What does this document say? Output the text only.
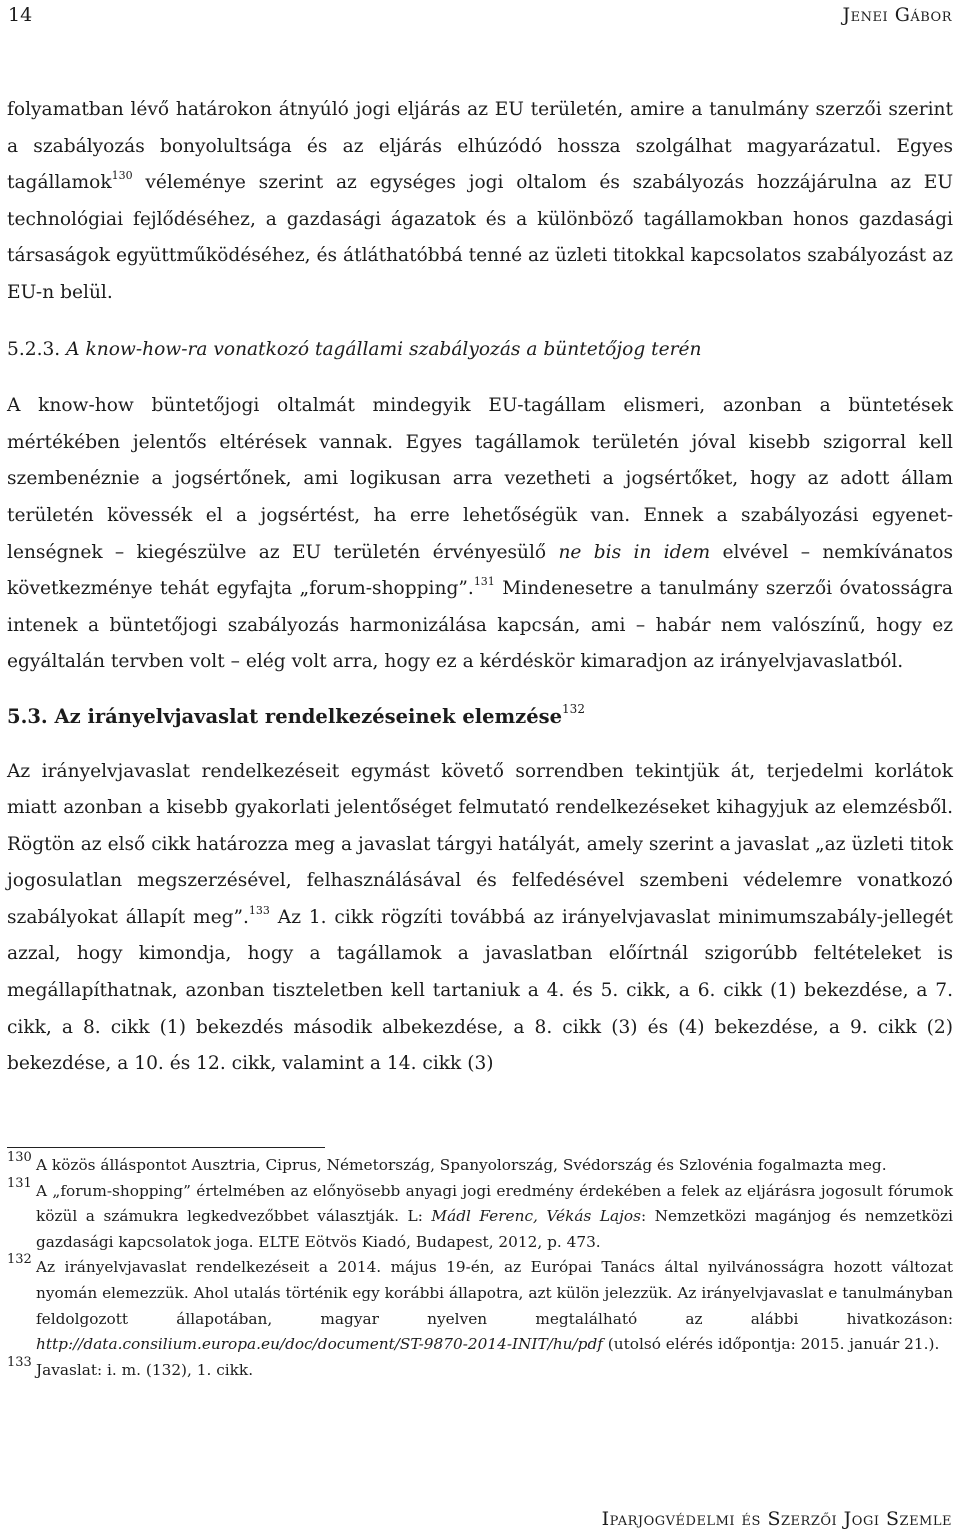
14	Jenei Gábor

folyamatban lévő határokon átnyúló jogi eljárás az EU területén, amire a tanulmány szerzői szerint a szabályozás bonyolultsága és az eljárás elhúzódó hossza szolgálhat magyarázatul. Egyes tagállamok$^{130}$ véleménye szerint az egységes jogi oltalom és szabályozás hozzájárulna az EU technológiai fejlődéséhez, a gazdasági ágazatok és a különböző tagállamokban honos gazdasági társaságok együttműködéséhez, és átláthatóbbá tenné az üzleti titokkal kapcsolatos szabályozást az EU-n belül.

5.2.3. A know-how-ra vonatkozó tagállami szabályozás a büntetőjog terén

A know-how büntetőjogi oltalmát mindegyik EU-tagállam elismeri, azonban a büntetések mértékében jelentős eltérések vannak. Egyes tagállamok területén jóval kisebb szigorral kell szembenéznie a jogsértőnek, ami logikusan arra vezetheti a jogsértőket, hogy az adott állam területén kövessék el a jogsértést, ha erre lehetőségük van. Ennek a szabályozási egyenetlenségnek – kiegészülve az EU területén érvényesülő ne bis in idem elvével – nemkívánatos következménye tehát egyfajta „forum-shopping”.$^{131}$ Mindenesetre a tanulmány szerzői óvatosságra intenek a büntetőjogi szabályozás harmonizálása kapcsán, ami – habár nem valószínű, hogy ez egyáltalán tervben volt – elég volt arra, hogy ez a kérdéskör kimaradjon az irányelvjavaslatból.

5.3. Az irányelvjavaslat rendelkezéseinek elemzése$^{132}$

Az irányelvjavaslat rendelkezéseit egymást követő sorrendben tekintjük át, terjedelmi korlátok miatt azonban a kisebb gyakorlati jelentőséget felmutató rendelkezéseket kihagyjuk az elemzésből. Rögtön az első cikk határozza meg a javaslat tárgyi hatályát, amely szerint a javaslat „az üzleti titok jogosulatlan megszerzésével, felhasználásával és felfedésével szembeni védelemre vonatkozó szabályokat állapít meg”.$^{133}$ Az 1. cikk rögzíti továbbá az irányelvjavaslat minimumszabály-jellegét azzal, hogy kimondja, hogy a tagállamok a javaslatban előírtnál szigorúbb feltételeket is megállapíthatnak, azonban tiszteletben kell tartaniuk a 4. és 5. cikk, a 6. cikk (1) bekezdése, a 7. cikk, a 8. cikk (1) bekezdés második albekezdése, a 8. cikk (3) és (4) bekezdése, a 9. cikk (2) bekezdése, a 10. és 12. cikk, valamint a 14. cikk (3)

130 A közös álláspontot Ausztria, Ciprus, Németország, Spanyolország, Svédország és Szlovénia fogalmazta meg.

131 A „forum-shopping” értelmében az előnyösebb anyagi jogi eredmény érdekében a felek az eljárásra jogosult fórumok közül a számukra legkedvezőbbet választják. L: Mádl Ferenc, Vékás Lajos: Nemzetközi magánjog és nemzetközi gazdasági kapcsolatok joga. ELTE Eötvös Kiadó, Budapest, 2012, p. 473.

132 Az irányelvjavaslat rendelkezéseit a 2014. május 19-én, az Európai Tanács által nyilvánosságra hozott változat nyomán elemezzük. Ahol utalás történik egy korábbi állapotra, azt külön jelezzük. Az irányelvjavaslat e tanulmányban feldolgozott állapotában, magyar nyelven megtalálható az alábbi hivatkozáson: http://data.consilium.europa.eu/doc/document/ST-9870-2014-INIT/hu/pdf (utolsó elérés időpontja: 2015. január 21.).

133 Javaslat: i. m. (132), 1. cikk.

Iparjogvédelmi és Szerzői Jogi Szemle
